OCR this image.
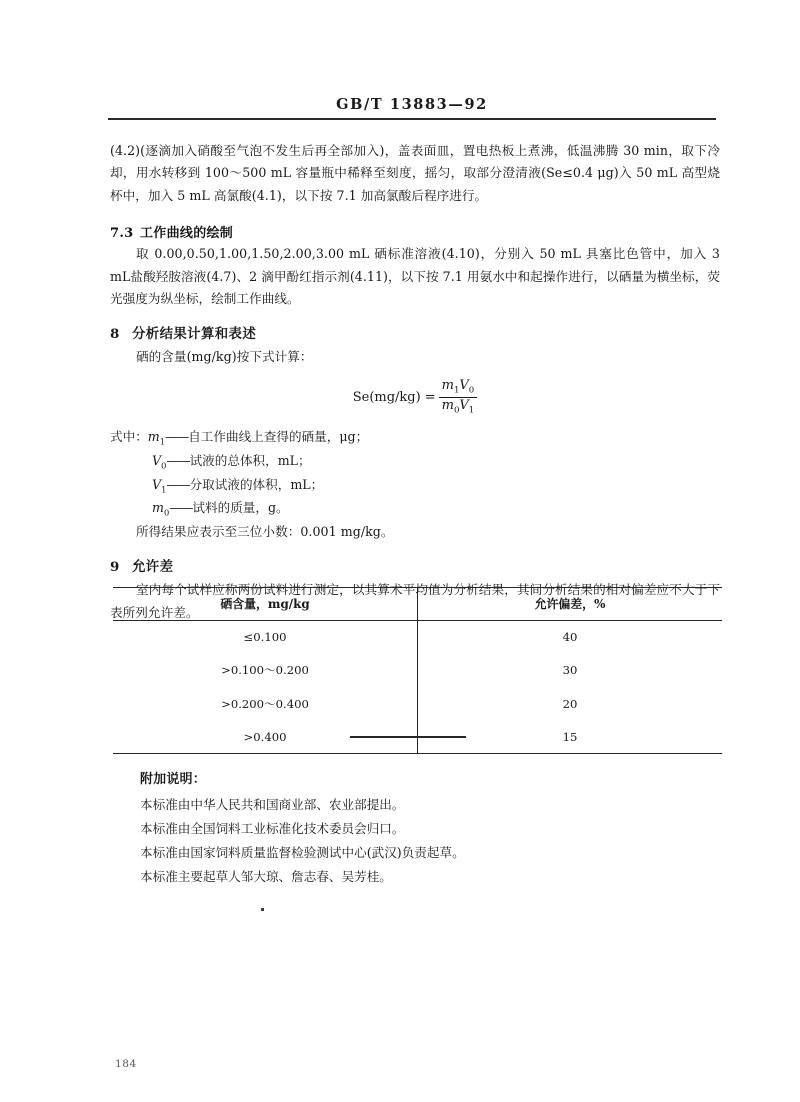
GB/T 13883—92

(4.2)(逐滴加入硝酸至气泡不发生后再全部加入)，盖表面皿，置电热板上煮沸，低温沸腾 30 min，取下冷却，用水转移到 100～500 mL 容量瓶中稀释至刻度，摇匀，取部分澄清液(Se≤0.4 μg)入 50 mL 高型烧杯中，加入 5 mL 高氯酸(4.1)，以下按 7.1 加高氯酸后程序进行。

7.3 工作曲线的绘制

取 0.00,0.50,1.00,1.50,2.00,3.00 mL 硒标准溶液(4.10)，分别入 50 mL 具塞比色管中，加入 3 mL盐酸羟胺溶液(4.7)、2 滴甲酚红指示剂(4.11)，以下按 7.1 用氨水中和起操作进行，以硒量为横坐标，荧光强度为纵坐标，绘制工作曲线。

8 分析结果计算和表述

硒的含量(mg/kg)按下式计算：

$Se(mg/kg) = \frac{m_1V_0}{m_0V_1}$
式中：$m_1——$自工作曲线上查得的硒量，μg；
$V_0——$试液的总体积，mL；
$V_1——$分取试液的体积，mL；
$m_0——$试料的质量，g。

所得结果应表示至三位小数：0.001 mg/kg。

9 允许差

室内每个试样应称两份试料进行测定，以其算术平均值为分析结果，其间分析结果的相对偏差应不大于下表所列允许差。

硒含量，mg/kg	允许偏差，%
≤0.100	40
>0.100～0.200	30
>0.200～0.400	20
>0.400	15
附加说明：
本标准由中华人民共和国商业部、农业部提出。
本标准由全国饲料工业标准化技术委员会归口。
本标准由国家饲料质量监督检验测试中心(武汉)负责起草。
本标准主要起草人邹大琼、詹志春、吴芳桂。
184
